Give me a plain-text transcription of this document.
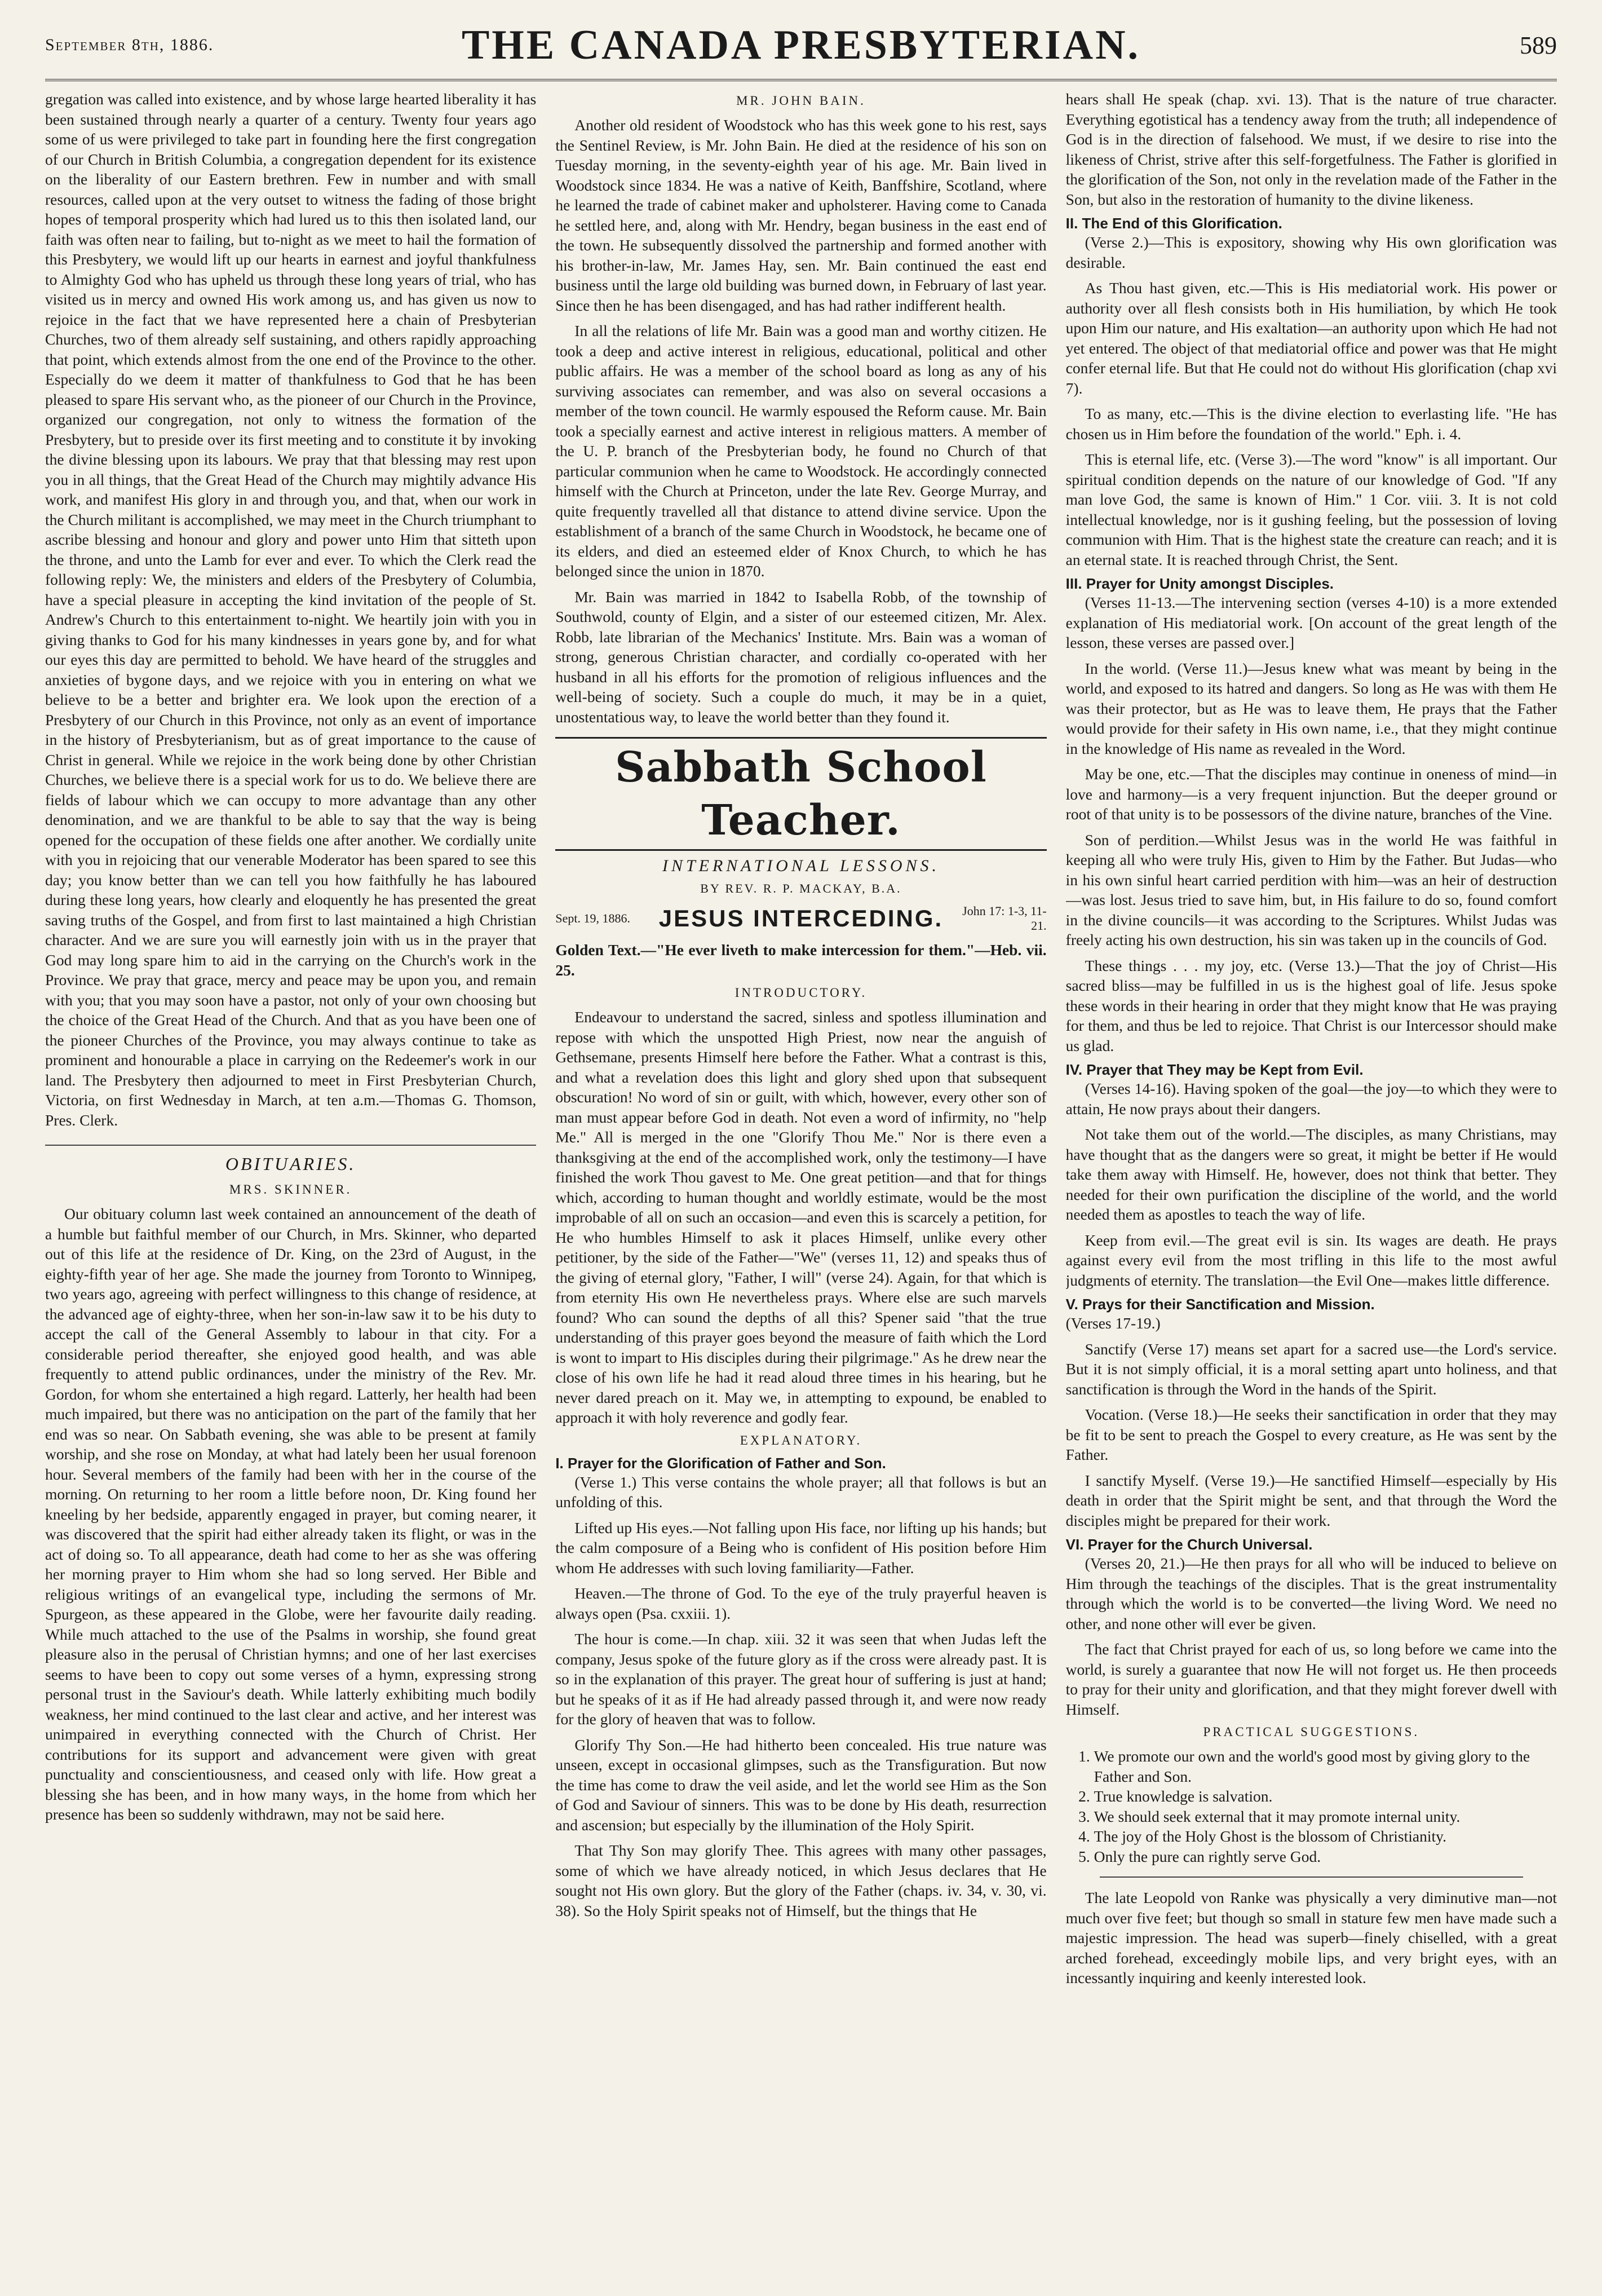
September 8th, 1886.	THE CANADA PRESBYTERIAN.	589

gregation was called into existence, and by whose large hearted liberality it has been sustained through nearly a quarter of a century. Twenty four years ago some of us were privileged to take part in founding here the first congregation of our Church in British Columbia, a congregation dependent for its existence on the liberality of our Eastern brethren. Few in number and with small resources, called upon at the very outset to witness the fading of those bright hopes of temporal prosperity which had lured us to this then isolated land, our faith was often near to failing, but to-night as we meet to hail the formation of this Presbytery, we would lift up our hearts in earnest and joyful thankfulness to Almighty God who has upheld us through these long years of trial, who has visited us in mercy and owned His work among us, and has given us now to rejoice in the fact that we have represented here a chain of Presbyterian Churches, two of them already self sustaining, and others rapidly approaching that point, which extends almost from the one end of the Province to the other. Especially do we deem it matter of thankfulness to God that he has been pleased to spare His servant who, as the pioneer of our Church in the Province, organized our congregation, not only to witness the formation of the Presbytery, but to preside over its first meeting and to constitute it by invoking the divine blessing upon its labours. We pray that that blessing may rest upon you in all things, that the Great Head of the Church may mightily advance His work, and manifest His glory in and through you, and that, when our work in the Church militant is accomplished, we may meet in the Church triumphant to ascribe blessing and honour and glory and power unto Him that sitteth upon the throne, and unto the Lamb for ever and ever. To which the Clerk read the following reply: We, the ministers and elders of the Presbytery of Columbia, have a special pleasure in accepting the kind invitation of the people of St. Andrew's Church to this entertainment to-night. We heartily join with you in giving thanks to God for his many kindnesses in years gone by, and for what our eyes this day are permitted to behold. We have heard of the struggles and anxieties of bygone days, and we rejoice with you in entering on what we believe to be a better and brighter era. We look upon the erection of a Presbytery of our Church in this Province, not only as an event of importance in the history of Presbyterianism, but as of great importance to the cause of Christ in general. While we rejoice in the work being done by other Christian Churches, we believe there is a special work for us to do. We believe there are fields of labour which we can occupy to more advantage than any other denomination, and we are thankful to be able to say that the way is being opened for the occupation of these fields one after another. We cordially unite with you in rejoicing that our venerable Moderator has been spared to see this day; you know better than we can tell you how faithfully he has laboured during these long years, how clearly and eloquently he has presented the great saving truths of the Gospel, and from first to last maintained a high Christian character. And we are sure you will earnestly join with us in the prayer that God may long spare him to aid in the carrying on the Church's work in the Province. We pray that grace, mercy and peace may be upon you, and remain with you; that you may soon have a pastor, not only of your own choosing but the choice of the Great Head of the Church. And that as you have been one of the pioneer Churches of the Province, you may always continue to take as prominent and honourable a place in carrying on the Redeemer's work in our land. The Presbytery then adjourned to meet in First Presbyterian Church, Victoria, on first Wednesday in March, at ten a.m.—Thomas G. Thomson, Pres. Clerk.

OBITUARIES.
MRS. SKINNER.

Our obituary column last week contained an announcement of the death of a humble but faithful member of our Church, in Mrs. Skinner, who departed out of this life at the residence of Dr. King, on the 23rd of August, in the eighty-fifth year of her age. She made the journey from Toronto to Winnipeg, two years ago, agreeing with perfect willingness to this change of residence, at the advanced age of eighty-three, when her son-in-law saw it to be his duty to accept the call of the General Assembly to labour in that city. For a considerable period thereafter, she enjoyed good health, and was able frequently to attend public ordinances, under the ministry of the Rev. Mr. Gordon, for whom she entertained a high regard. Latterly, her health had been much impaired, but there was no anticipation on the part of the family that her end was so near. On Sabbath evening, she was able to be present at family worship, and she rose on Monday, at what had lately been her usual forenoon hour. Several members of the family had been with her in the course of the morning. On returning to her room a little before noon, Dr. King found her kneeling by her bedside, apparently engaged in prayer, but coming nearer, it was discovered that the spirit had either already taken its flight, or was in the act of doing so. To all appearance, death had come to her as she was offering her morning prayer to Him whom she had so long served. Her Bible and religious writings of an evangelical type, including the sermons of Mr. Spurgeon, as these appeared in the Globe, were her favourite daily reading. While much attached to the use of the Psalms in worship, she found great pleasure also in the perusal of Christian hymns; and one of her last exercises seems to have been to copy out some verses of a hymn, expressing strong personal trust in the Saviour's death. While latterly exhibiting much bodily weakness, her mind continued to the last clear and active, and her interest was unimpaired in everything connected with the Church of Christ. Her contributions for its support and advancement were given with great punctuality and conscientiousness, and ceased only with life. How great a blessing she has been, and in how many ways, in the home from which her presence has been so suddenly withdrawn, may not be said here.

MR. JOHN BAIN.

Another old resident of Woodstock who has this week gone to his rest, says the Sentinel Review, is Mr. John Bain. He died at the residence of his son on Tuesday morning, in the seventy-eighth year of his age. Mr. Bain lived in Woodstock since 1834. He was a native of Keith, Banffshire, Scotland, where he learned the trade of cabinet maker and upholsterer. Having come to Canada he settled here, and, along with Mr. Hendry, began business in the east end of the town. He subsequently dissolved the partnership and formed another with his brother-in-law, Mr. James Hay, sen. Mr. Bain continued the east end business until the large old building was burned down, in February of last year. Since then he has been disengaged, and has had rather indifferent health.

In all the relations of life Mr. Bain was a good man and worthy citizen. He took a deep and active interest in religious, educational, political and other public affairs. He was a member of the school board as long as any of his surviving associates can remember, and was also on several occasions a member of the town council. He warmly espoused the Reform cause. Mr. Bain took a specially earnest and active interest in religious matters. A member of the U. P. branch of the Presbyterian body, he found no Church of that particular communion when he came to Woodstock. He accordingly connected himself with the Church at Princeton, under the late Rev. George Murray, and quite frequently travelled all that distance to attend divine service. Upon the establishment of a branch of the same Church in Woodstock, he became one of its elders, and died an esteemed elder of Knox Church, to which he has belonged since the union in 1870.

Mr. Bain was married in 1842 to Isabella Robb, of the township of Southwold, county of Elgin, and a sister of our esteemed citizen, Mr. Alex. Robb, late librarian of the Mechanics' Institute. Mrs. Bain was a woman of strong, generous Christian character, and cordially co-operated with her husband in all his efforts for the promotion of religious influences and the well-being of society. Such a couple do much, it may be in a quiet, unostentatious way, to leave the world better than they found it.

Sabbath School Teacher.
INTERNATIONAL LESSONS.
BY REV. R. P. MACKAY, B.A.
Sept. 19, 1886.	JESUS INTERCEDING.	John 17: 1-3, 11-21.

Golden Text.—"He ever liveth to make intercession for them."—Heb. vii. 25.

INTRODUCTORY.

Endeavour to understand the sacred, sinless and spotless illumination and repose with which the unspotted High Priest, now near the anguish of Gethsemane, presents Himself here before the Father. What a contrast is this, and what a revelation does this light and glory shed upon that subsequent obscuration! No word of sin or guilt, with which, however, every other son of man must appear before God in death. Not even a word of infirmity, no "help Me." All is merged in the one "Glorify Thou Me." Nor is there even a thanksgiving at the end of the accomplished work, only the testimony—I have finished the work Thou gavest to Me. One great petition—and that for things which, according to human thought and worldly estimate, would be the most improbable of all on such an occasion—and even this is scarcely a petition, for He who humbles Himself to ask it places Himself, unlike every other petitioner, by the side of the Father—"We" (verses 11, 12) and speaks thus of the giving of eternal glory, "Father, I will" (verse 24). Again, for that which is from eternity His own He nevertheless prays. Where else are such marvels found? Who can sound the depths of all this? Spener said "that the true understanding of this prayer goes beyond the measure of faith which the Lord is wont to impart to His disciples during their pilgrimage." As he drew near the close of his own life he had it read aloud three times in his hearing, but he never dared preach on it. May we, in attempting to expound, be enabled to approach it with holy reverence and godly fear.

EXPLANATORY.
I. Prayer for the Glorification of Father and Son.

(Verse 1.) This verse contains the whole prayer; all that follows is but an unfolding of this.

Lifted up His eyes.—Not falling upon His face, nor lifting up his hands; but the calm composure of a Being who is confident of His position before Him whom He addresses with such loving familiarity—Father.

Heaven.—The throne of God. To the eye of the truly prayerful heaven is always open (Psa. cxxiii. 1).

The hour is come.—In chap. xiii. 32 it was seen that when Judas left the company, Jesus spoke of the future glory as if the cross were already past. It is so in the explanation of this prayer. The great hour of suffering is just at hand; but he speaks of it as if He had already passed through it, and were now ready for the glory of heaven that was to follow.

Glorify Thy Son.—He had hitherto been concealed. His true nature was unseen, except in occasional glimpses, such as the Transfiguration. But now the time has come to draw the veil aside, and let the world see Him as the Son of God and Saviour of sinners. This was to be done by His death, resurrection and ascension; but especially by the illumination of the Holy Spirit.

That Thy Son may glorify Thee. This agrees with many other passages, some of which we have already noticed, in which Jesus declares that He sought not His own glory. But the glory of the Father (chaps. iv. 34, v. 30, vi. 38). So the Holy Spirit speaks not of Himself, but the things that He

hears shall He speak (chap. xvi. 13). That is the nature of true character. Everything egotistical has a tendency away from the truth; all independence of God is in the direction of falsehood. We must, if we desire to rise into the likeness of Christ, strive after this self-forgetfulness. The Father is glorified in the glorification of the Son, not only in the revelation made of the Father in the Son, but also in the restoration of humanity to the divine likeness.

II. The End of this Glorification.

(Verse 2.)—This is expository, showing why His own glorification was desirable.

As Thou hast given, etc.—This is His mediatorial work. His power or authority over all flesh consists both in His humiliation, by which He took upon Him our nature, and His exaltation—an authority upon which He had not yet entered. The object of that mediatorial office and power was that He might confer eternal life. But that He could not do without His glorification (chap xvi 7).

To as many, etc.—This is the divine election to everlasting life. "He has chosen us in Him before the foundation of the world." Eph. i. 4.

This is eternal life, etc. (Verse 3).—The word "know" is all important. Our spiritual condition depends on the nature of our knowledge of God. "If any man love God, the same is known of Him." 1 Cor. viii. 3. It is not cold intellectual knowledge, nor is it gushing feeling, but the possession of loving communion with Him. That is the highest state the creature can reach; and it is an eternal state. It is reached through Christ, the Sent.

III. Prayer for Unity amongst Disciples.

(Verses 11-13.—The intervening section (verses 4-10) is a more extended explanation of His mediatorial work. [On account of the great length of the lesson, these verses are passed over.]

In the world. (Verse 11.)—Jesus knew what was meant by being in the world, and exposed to its hatred and dangers. So long as He was with them He was their protector, but as He was to leave them, He prays that the Father would provide for their safety in His own name, i.e., that they might continue in the knowledge of His name as revealed in the Word.

May be one, etc.—That the disciples may continue in oneness of mind—in love and harmony—is a very frequent injunction. But the deeper ground or root of that unity is to be possessors of the divine nature, branches of the Vine.

Son of perdition.—Whilst Jesus was in the world He was faithful in keeping all who were truly His, given to Him by the Father. But Judas—who in his own sinful heart carried perdition with him—was an heir of destruction—was lost. Jesus tried to save him, but, in His failure to do so, found comfort in the divine councils—it was according to the Scriptures. Whilst Judas was freely acting his own destruction, his sin was taken up in the councils of God.

These things . . . my joy, etc. (Verse 13.)—That the joy of Christ—His sacred bliss—may be fulfilled in us is the highest goal of life. Jesus spoke these words in their hearing in order that they might know that He was praying for them, and thus be led to rejoice. That Christ is our Intercessor should make us glad.

IV. Prayer that They may be Kept from Evil.

(Verses 14-16). Having spoken of the goal—the joy—to which they were to attain, He now prays about their dangers.

Not take them out of the world.—The disciples, as many Christians, may have thought that as the dangers were so great, it might be better if He would take them away with Himself. He, however, does not think that better. They needed for their own purification the discipline of the world, and the world needed them as apostles to teach the way of life.

Keep from evil.—The great evil is sin. Its wages are death. He prays against every evil from the most trifling in this life to the most awful judgments of eternity. The translation—the Evil One—makes little difference.

V. Prays for their Sanctification and Mission.

(Verses 17-19.)

Sanctify (Verse 17) means set apart for a sacred use—the Lord's service. But it is not simply official, it is a moral setting apart unto holiness, and that sanctification is through the Word in the hands of the Spirit.

Vocation. (Verse 18.)—He seeks their sanctification in order that they may be fit to be sent to preach the Gospel to every creature, as He was sent by the Father.

I sanctify Myself. (Verse 19.)—He sanctified Himself—especially by His death in order that the Spirit might be sent, and that through the Word the disciples might be prepared for their work.

VI. Prayer for the Church Universal.

(Verses 20, 21.)—He then prays for all who will be induced to believe on Him through the teachings of the disciples. That is the great instrumentality through which the world is to be converted—the living Word. We need no other, and none other will ever be given.

The fact that Christ prayed for each of us, so long before we came into the world, is surely a guarantee that now He will not forget us. He then proceeds to pray for their unity and glorification, and that they might forever dwell with Himself.

PRACTICAL SUGGESTIONS.
1. We promote our own and the world's good most by giving glory to the Father and Son.
2. True knowledge is salvation.
3. We should seek external that it may promote internal unity.
4. The joy of the Holy Ghost is the blossom of Christianity.
5. Only the pure can rightly serve God.

The late Leopold von Ranke was physically a very diminutive man—not much over five feet; but though so small in stature few men have made such a majestic impression. The head was superb—finely chiselled, with a great arched forehead, exceedingly mobile lips, and very bright eyes, with an incessantly inquiring and keenly interested look.
